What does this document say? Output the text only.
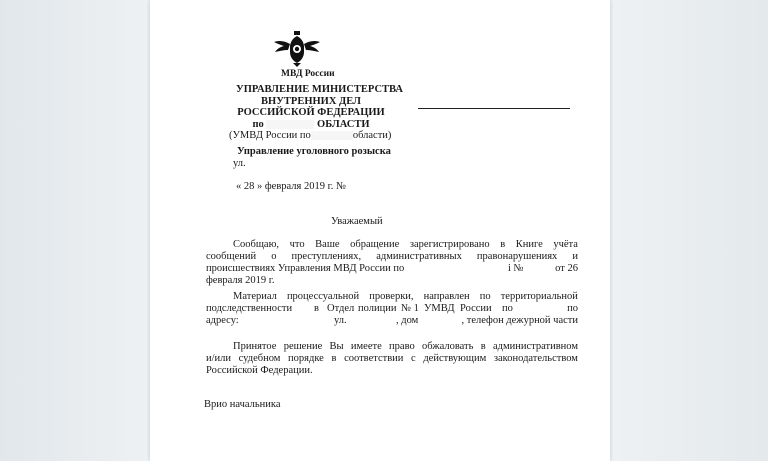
МВД России
УПРАВЛЕНИЕ МИНИСТЕРСТВА
ВНУТРЕННИХ ДЕЛ
РОССИЙСКОЙ ФЕДЕРАЦИИ
по	ОБЛАСТИ
(УМВД России по	области)
Управление уголовного розыска
ул.
« 28 » февраля 2019 г. №
Уважаемый
Сообщаю, что Ваше обращение зарегистрировано в Книге учёта
сообщений о преступлениях, административных правонарушениях и
происшествиях Управления МВД России по	і №	от 26
февраля 2019 г.
Материал процессуальной проверки, направлен по территориальной
подследственности в Отдел полиции № 1 УМВД России по	по
адресу:	ул.	, дом	, телефон дежурной части
Принятое решение Вы имеете право обжаловать в административном
и/или судебном порядке в соответствии с действующим законодательством
Российской Федерации.
Врио начальника
